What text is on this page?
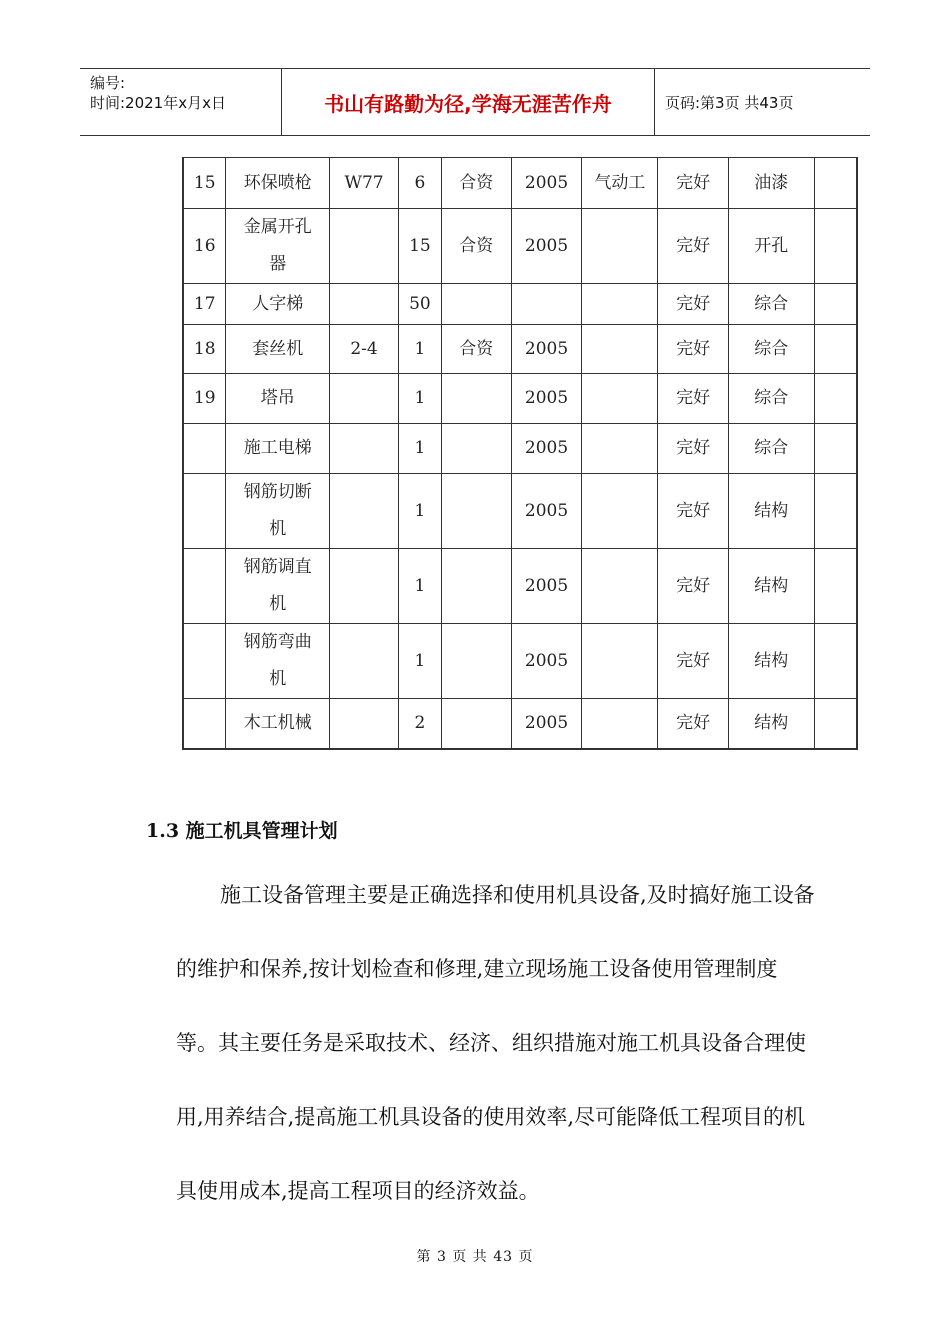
编号:
时间:2021年x月x日	书山有路勤为径,学海无涯苦作舟	页码:第3页 共43页
15	环保喷枪	W77	6	合资	2005	气动工	完好	油漆	
16	金属开孔器		15	合资	2005		完好	开孔	
17	人字梯		50				完好	综合	
18	套丝机	2-4	1	合资	2005		完好	综合	
19	塔吊		1		2005		完好	综合	
	施工电梯		1		2005		完好	综合	
	钢筋切断机		1		2005		完好	结构	
	钢筋调直机		1		2005		完好	结构	
	钢筋弯曲机		1		2005		完好	结构	
	木工机械		2		2005		完好	结构	
1.3 施工机具管理计划

施工设备管理主要是正确选择和使用机具设备,及时搞好施工设备的维护和保养,按计划检查和修理,建立现场施工设备使用管理制度等。其主要任务是采取技术、经济、组织措施对施工机具设备合理使用,用养结合,提高施工机具设备的使用效率,尽可能降低工程项目的机具使用成本,提高工程项目的经济效益。

第 3 页 共 43 页
